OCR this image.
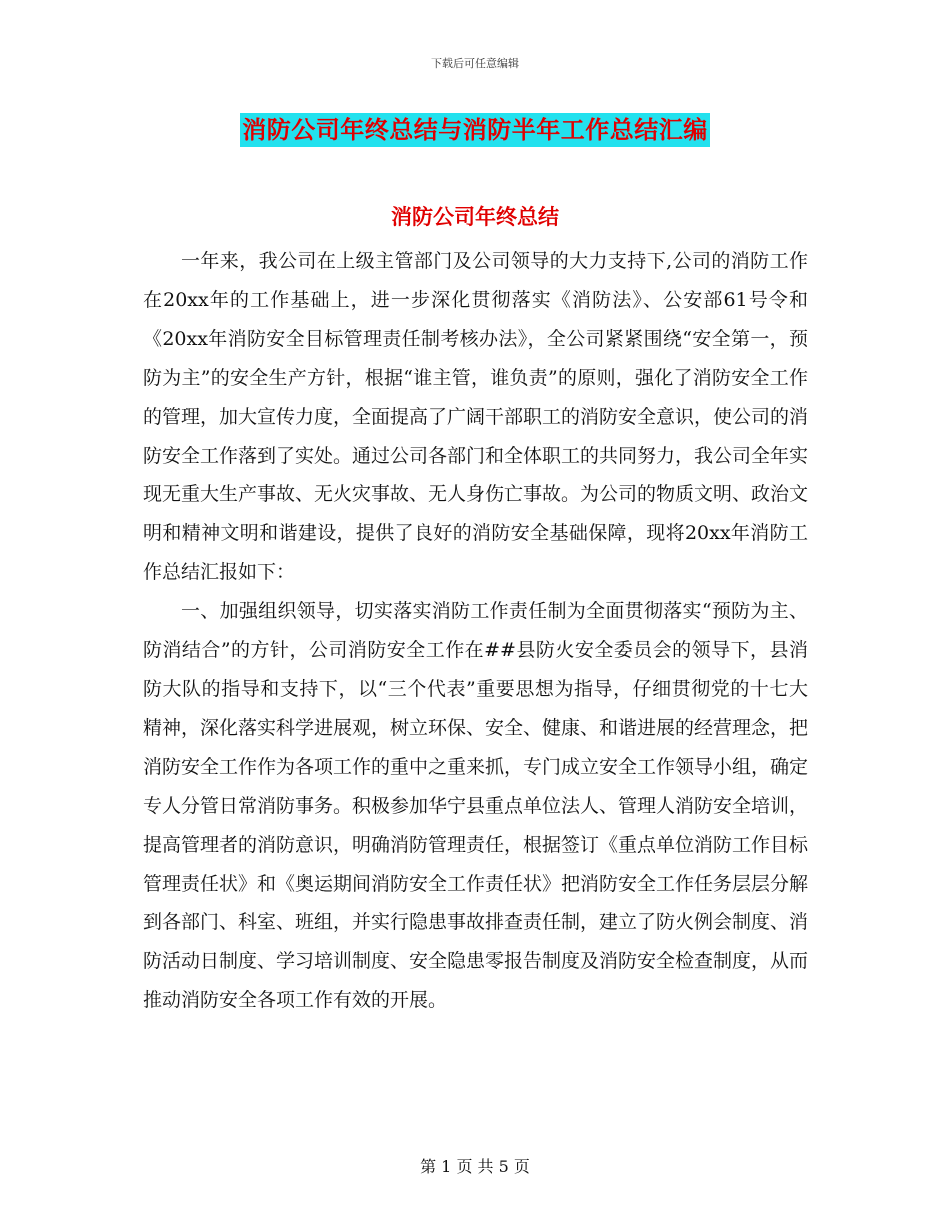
下载后可任意编辑
消防公司年终总结与消防半年工作总结汇编
消防公司年终总结

一年来，我公司在上级主管部门及公司领导的大力支持下,公司的消防工作在20xx年的工作基础上，进一步深化贯彻落实《消防法》、公安部61号令和《20xx年消防安全目标管理责任制考核办法》，全公司紧紧围绕“安全第一，预防为主”的安全生产方针，根据“谁主管，谁负责”的原则，强化了消防安全工作的管理，加大宣传力度，全面提高了广阔干部职工的消防安全意识，使公司的消防安全工作落到了实处。通过公司各部门和全体职工的共同努力，我公司全年实现无重大生产事故、无火灾事故、无人身伤亡事故。为公司的物质文明、政治文明和精神文明和谐建设，提供了良好的消防安全基础保障，现将20xx年消防工作总结汇报如下：

一、加强组织领导，切实落实消防工作责任制为全面贯彻落实“预防为主、防消结合”的方针，公司消防安全工作在##县防火安全委员会的领导下，县消防大队的指导和支持下，以“三个代表”重要思想为指导，仔细贯彻党的十七大精神，深化落实科学进展观，树立环保、安全、健康、和谐进展的经营理念，把消防安全工作作为各项工作的重中之重来抓，专门成立安全工作领导小组，确定专人分管日常消防事务。积极参加华宁县重点单位法人、管理人消防安全培训，提高管理者的消防意识，明确消防管理责任，根据签订《重点单位消防工作目标管理责任状》和《奥运期间消防安全工作责任状》把消防安全工作任务层层分解到各部门、科室、班组，并实行隐患事故排查责任制，建立了防火例会制度、消防活动日制度、学习培训制度、安全隐患零报告制度及消防安全检查制度，从而推动消防安全各项工作有效的开展。

第 1 页 共 5 页
